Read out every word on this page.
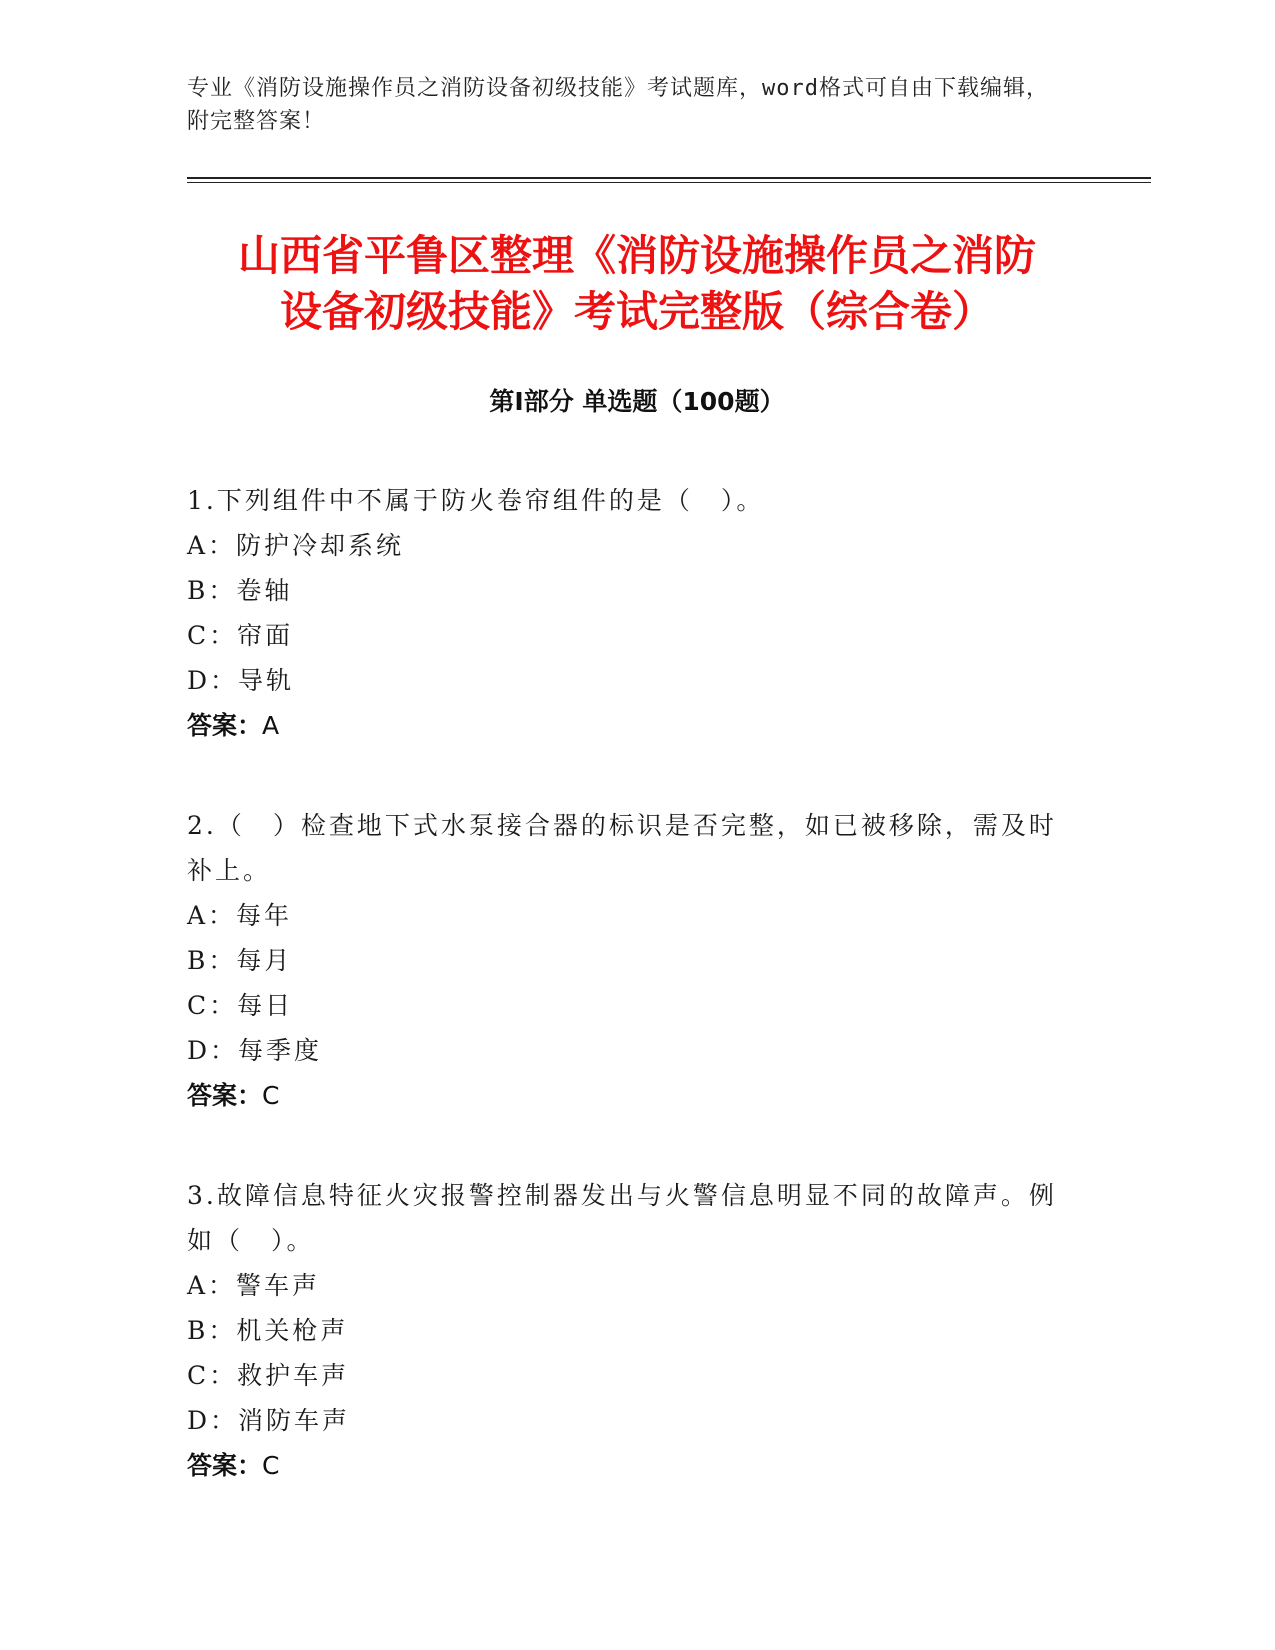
专业《消防设施操作员之消防设备初级技能》考试题库，word格式可自由下载编辑，附完整答案！
山西省平鲁区整理《消防设施操作员之消防
设备初级技能》考试完整版（综合卷）
第Ⅰ部分 单选题（100题）

1.下列组件中不属于防火卷帘组件的是（　）。

A：防护冷却系统

B：卷轴

C：帘面

D：导轨

答案：A

2.（　）检查地下式水泵接合器的标识是否完整，如已被移除，需及时补上。

A：每年

B：每月

C：每日

D：每季度

答案：C

3.故障信息特征火灾报警控制器发出与火警信息明显不同的故障声。例如（　）。

A：警车声

B：机关枪声

C：救护车声

D：消防车声

答案：C
